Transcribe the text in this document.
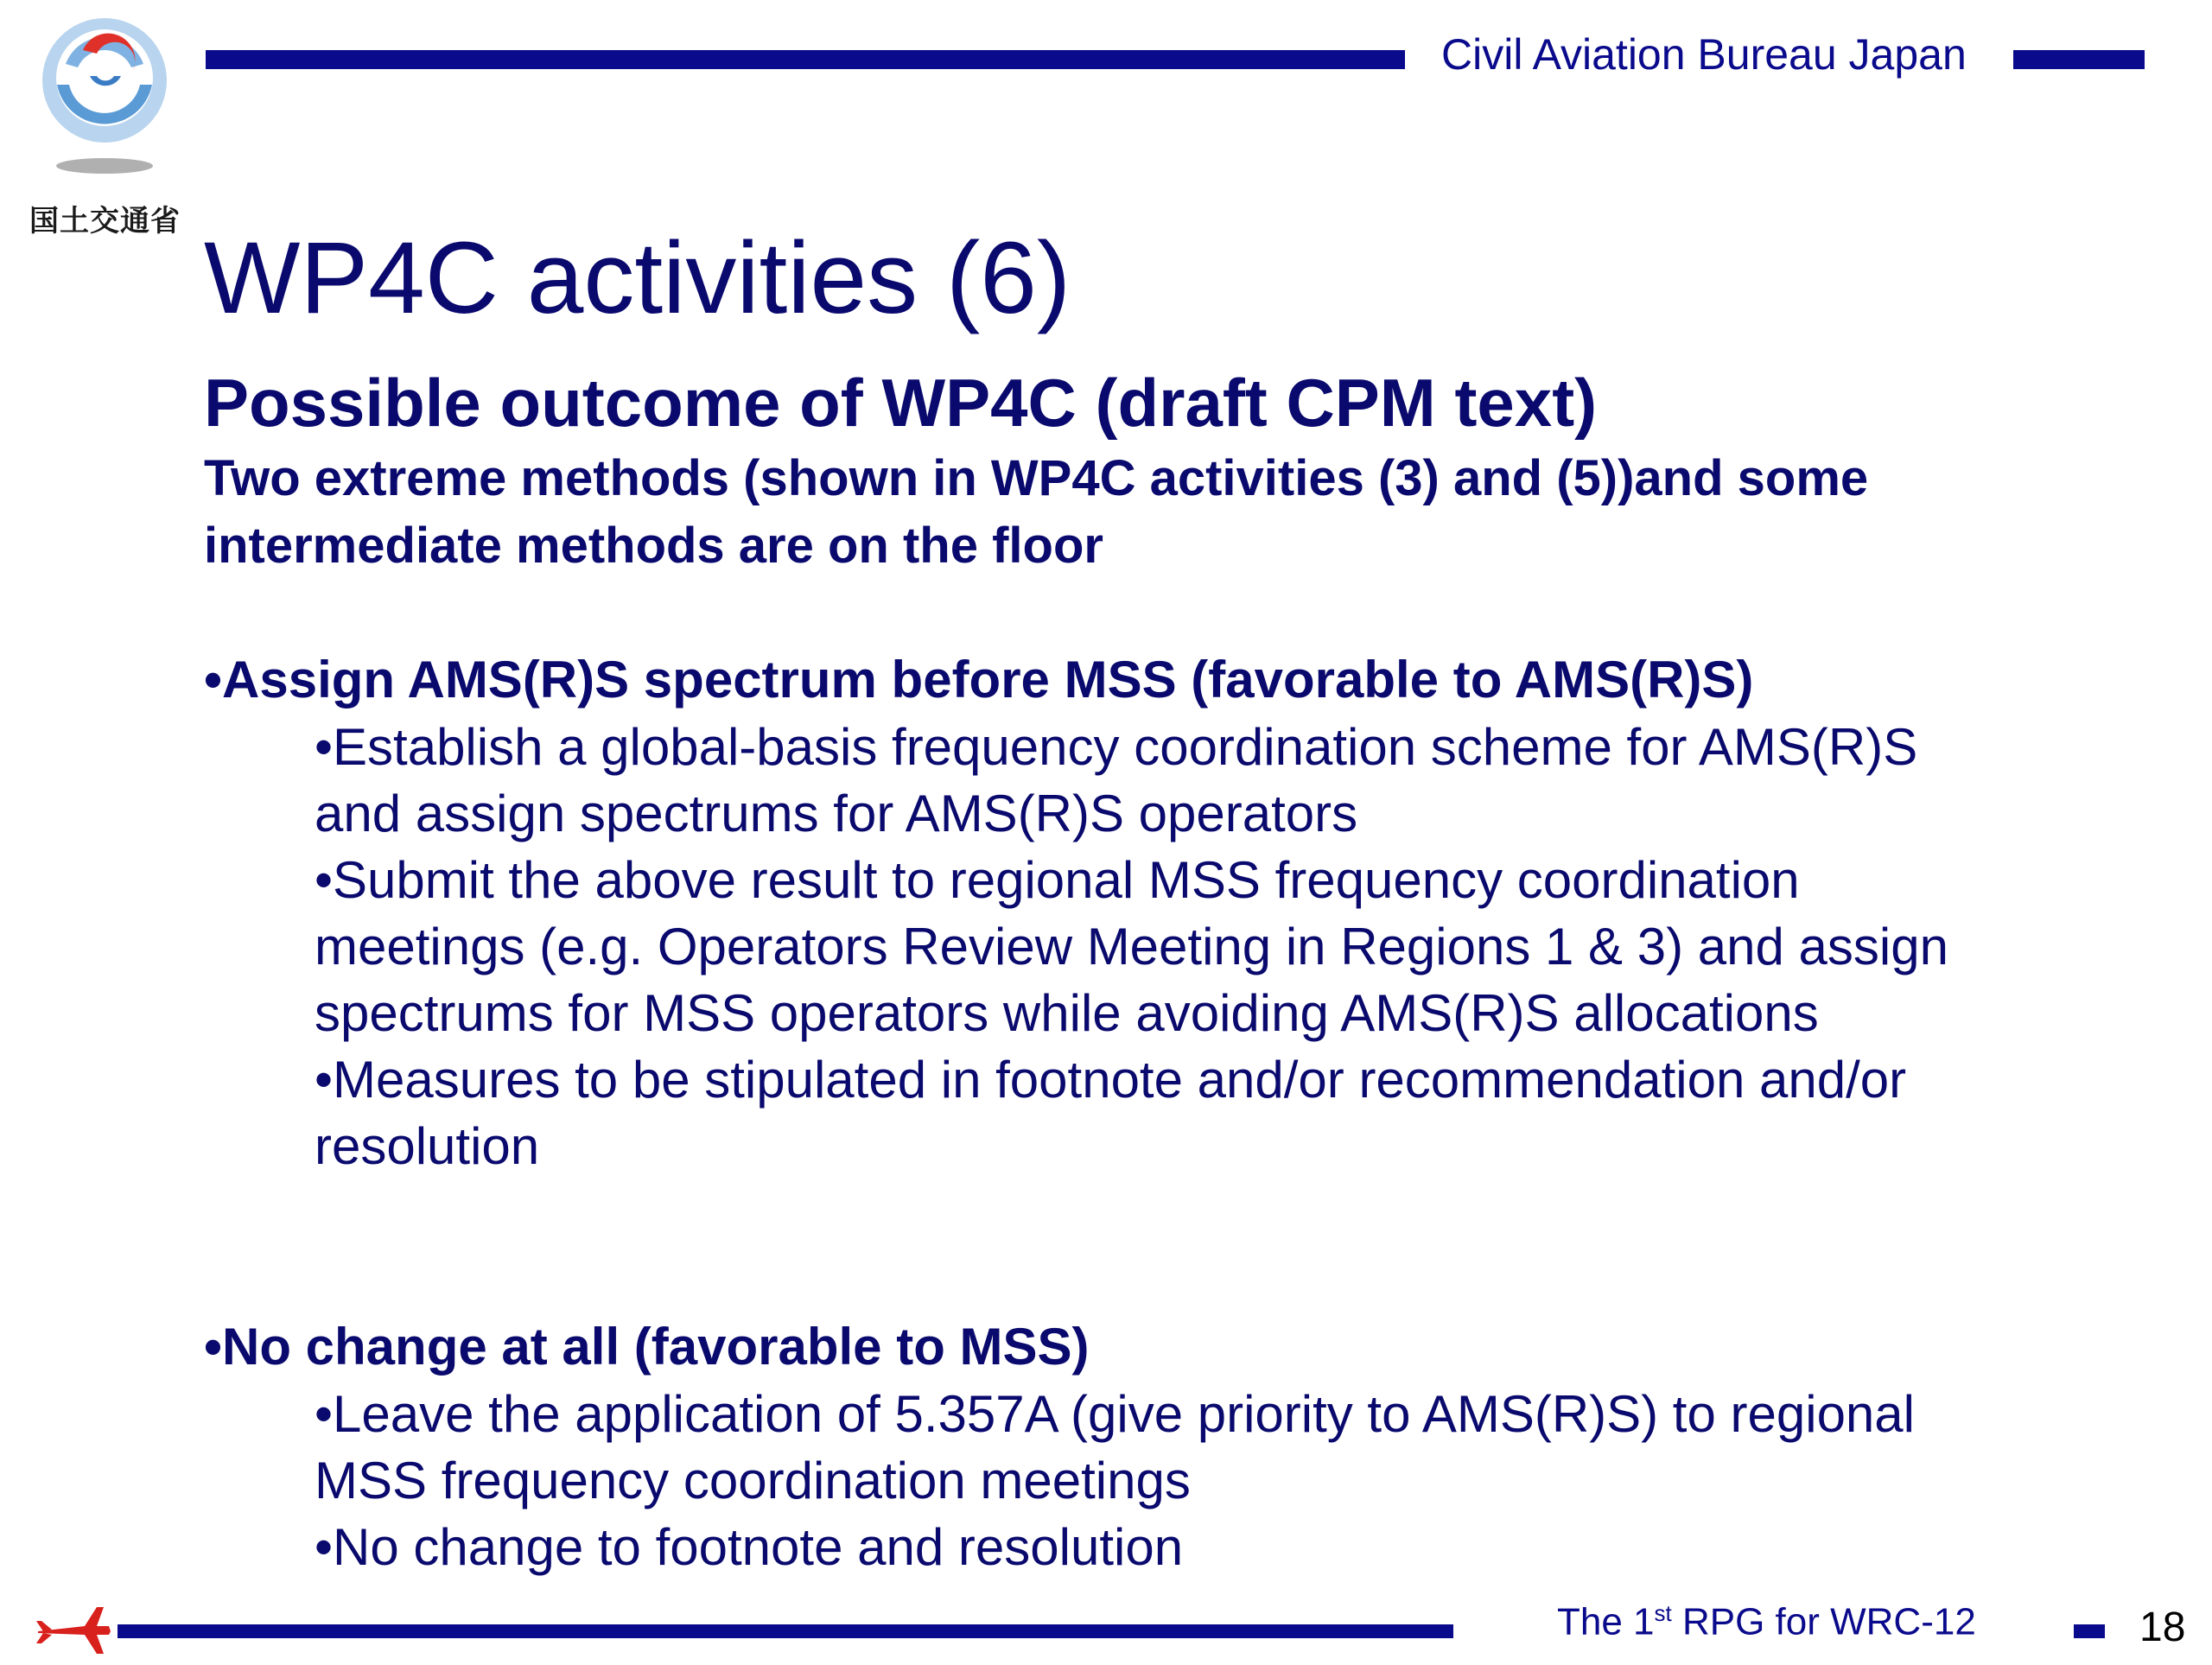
国土交通省
Civil Aviation Bureau Japan
WP4C activities (6)
Possible outcome of WP4C (draft CPM text)
Two extreme methods (shown in WP4C activities (3) and (5))and some intermediate methods are on the floor
•Assign AMS(R)S spectrum before MSS (favorable to AMS(R)S)

•Establish a global-basis frequency coordination scheme for AMS(R)S and assign spectrums for AMS(R)S operators

•Submit the above result to regional MSS frequency coordination meetings (e.g. Operators Review Meeting in Regions 1 & 3) and assign spectrums for MSS operators while avoiding AMS(R)S allocations

•Measures to be stipulated in footnote and/or recommendation and/or resolution

•No change at all (favorable to MSS)

•Leave the application of 5.357A (give priority to AMS(R)S) to regional MSS frequency coordination meetings

•No change to footnote and resolution

The 1st RPG for WRC-12	18
